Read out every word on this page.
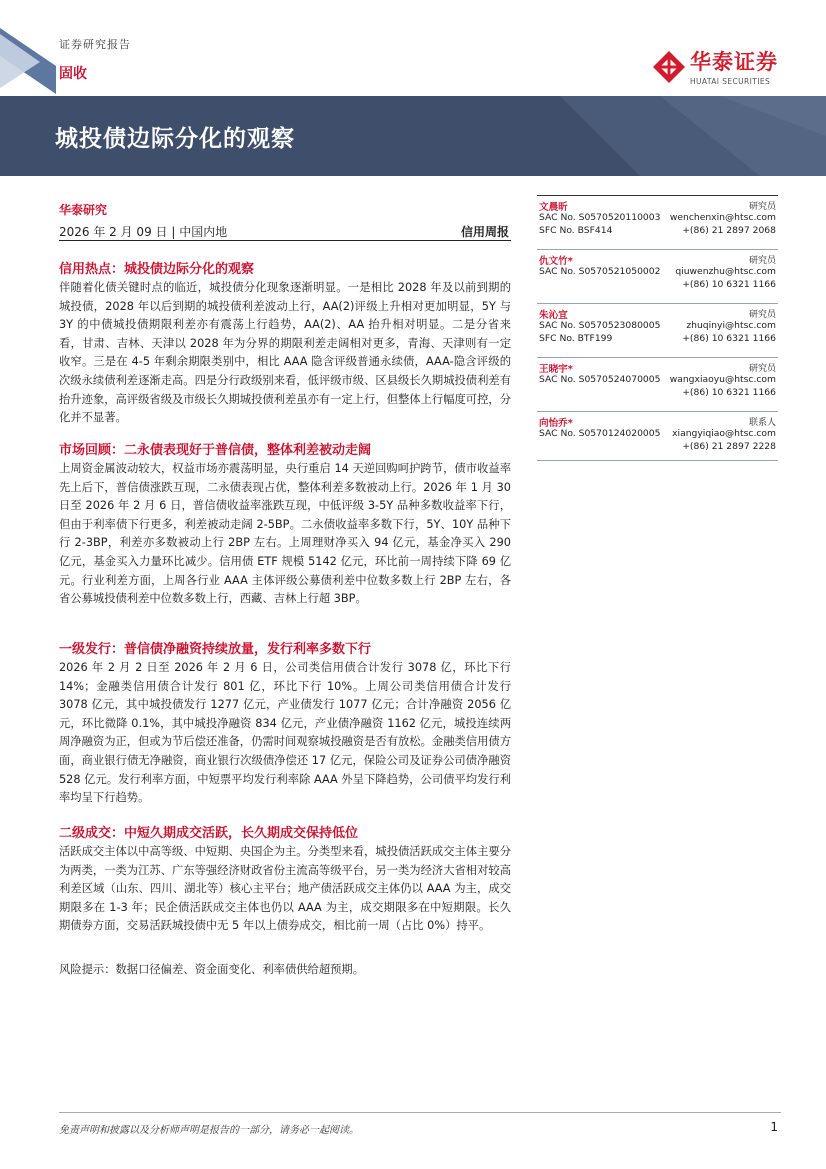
证券研究报告
固收	华泰证券
HUATAI SECURITIES
城投债边际分化的观察
华泰研究
2026 年 2 月 09 日 | 中国内地	信用周报
信用热点：城投债边际分化的观察
伴随着化债关键时点的临近，城投债分化现象逐渐明显。一是相比 2028 年及以前到期的城投债，2028 年以后到期的城投债利差波动上行，AA(2)评级上升相对更加明显，5Y 与 3Y 的中债城投债期限利差亦有震荡上行趋势，AA(2)、AA 抬升相对明显。二是分省来看，甘肃、吉林、天津以 2028 年为分界的期限利差走阔相对更多，青海、天津则有一定收窄。三是在 4-5 年剩余期限类别中，相比 AAA 隐含评级普通永续债，AAA-隐含评级的次级永续债利差逐渐走高。四是分行政级别来看，低评级市级、区县级长久期城投债利差有抬升迹象，高评级省级及市级长久期城投债利差虽亦有一定上行，但整体上行幅度可控，分化并不显著。
市场回顾：二永债表现好于普信债，整体利差被动走阔
上周资金属波动较大，权益市场亦震荡明显，央行重启 14 天逆回购呵护跨节，债市收益率先上后下，普信债涨跌互现，二永债表现占优，整体利差多数被动上行。2026 年 1 月 30 日至 2026 年 2 月 6 日，普信债收益率涨跌互现，中低评级 3-5Y 品种多数收益率下行，但由于利率债下行更多，利差被动走阔 2-5BP。二永债收益率多数下行，5Y、10Y 品种下行 2-3BP，利差亦多数被动上行 2BP 左右。上周理财净买入 94 亿元，基金净买入 290 亿元，基金买入力量环比减少。信用债 ETF 规模 5142 亿元，环比前一周持续下降 69 亿元。行业利差方面，上周各行业 AAA 主体评级公募债利差中位数多数上行 2BP 左右，各省公募城投债利差中位数多数上行，西藏、吉林上行超 3BP。
一级发行：普信债净融资持续放量，发行利率多数下行
2026 年 2 月 2 日至 2026 年 2 月 6 日，公司类信用债合计发行 3078 亿，环比下行 14%；金融类信用债合计发行 801 亿，环比下行 10%。上周公司类信用债合计发行 3078 亿元，其中城投债发行 1277 亿元，产业债发行 1077 亿元；合计净融资 2056 亿元，环比微降 0.1%，其中城投净融资 834 亿元，产业债净融资 1162 亿元，城投连续两周净融资为正，但或为节后偿还准备，仍需时间观察城投融资是否有放松。金融类信用债方面，商业银行债无净融资，商业银行次级债净偿还 17 亿元，保险公司及证券公司债净融资 528 亿元。发行利率方面，中短票平均发行利率除 AAA 外呈下降趋势，公司债平均发行利率均呈下行趋势。
二级成交：中短久期成交活跃，长久期成交保持低位
活跃成交主体以中高等级、中短期、央国企为主。分类型来看，城投债活跃成交主体主要分为两类，一类为江苏、广东等强经济财政省份主流高等级平台，另一类为经济大省相对较高利差区域（山东、四川、湖北等）核心主平台；地产债活跃成交主体仍以 AAA 为主，成交期限多在 1-3 年；民企债活跃成交主体也仍以 AAA 为主，成交期限多在中短期限。长久期债券方面，交易活跃城投债中无 5 年以上债券成交，相比前一周（占比 0%）持平。
风险提示：数据口径偏差、资金面变化、利率债供给超预期。
文晨昕	研究员
SAC No. S0570520110003 wenchenxin@htsc.com
SFC No. BSF414	+(86) 21 2897 2068
仇文竹*	研究员
SAC No. S0570521050002 qiuwenzhu@htsc.com
+(86) 10 6321 1166
朱沁宜	研究员
SAC No. S0570523080005	zhuqinyi@htsc.com
SFC No. BTF199	+(86) 10 6321 1166
王晓宇*	研究员
SAC No. S0570524070005 wangxiaoyu@htsc.com
+(86) 10 6321 1166
向怡乔*	联系人
SAC No. S0570124020005 xiangyiqiao@htsc.com
+(86) 21 2897 2228
免责声明和披露以及分析师声明是报告的一部分，请务必一起阅读。	1
